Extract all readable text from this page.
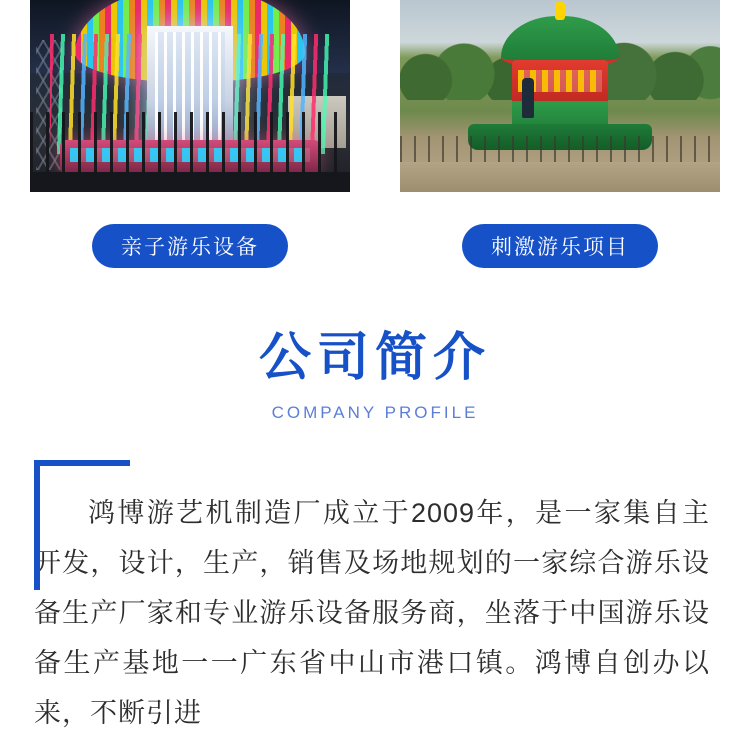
亲子游乐设备	刺激游乐项目
公司简介
COMPANY PROFILE

鸿博游艺机制造厂成立于2009年，是一家集自主开发，设计，生产，销售及场地规划的一家综合游乐设备生产厂家和专业游乐设备服务商，坐落于中国游乐设备生产基地一一广东省中山市港口镇。鸿博自创办以来，不断引进
